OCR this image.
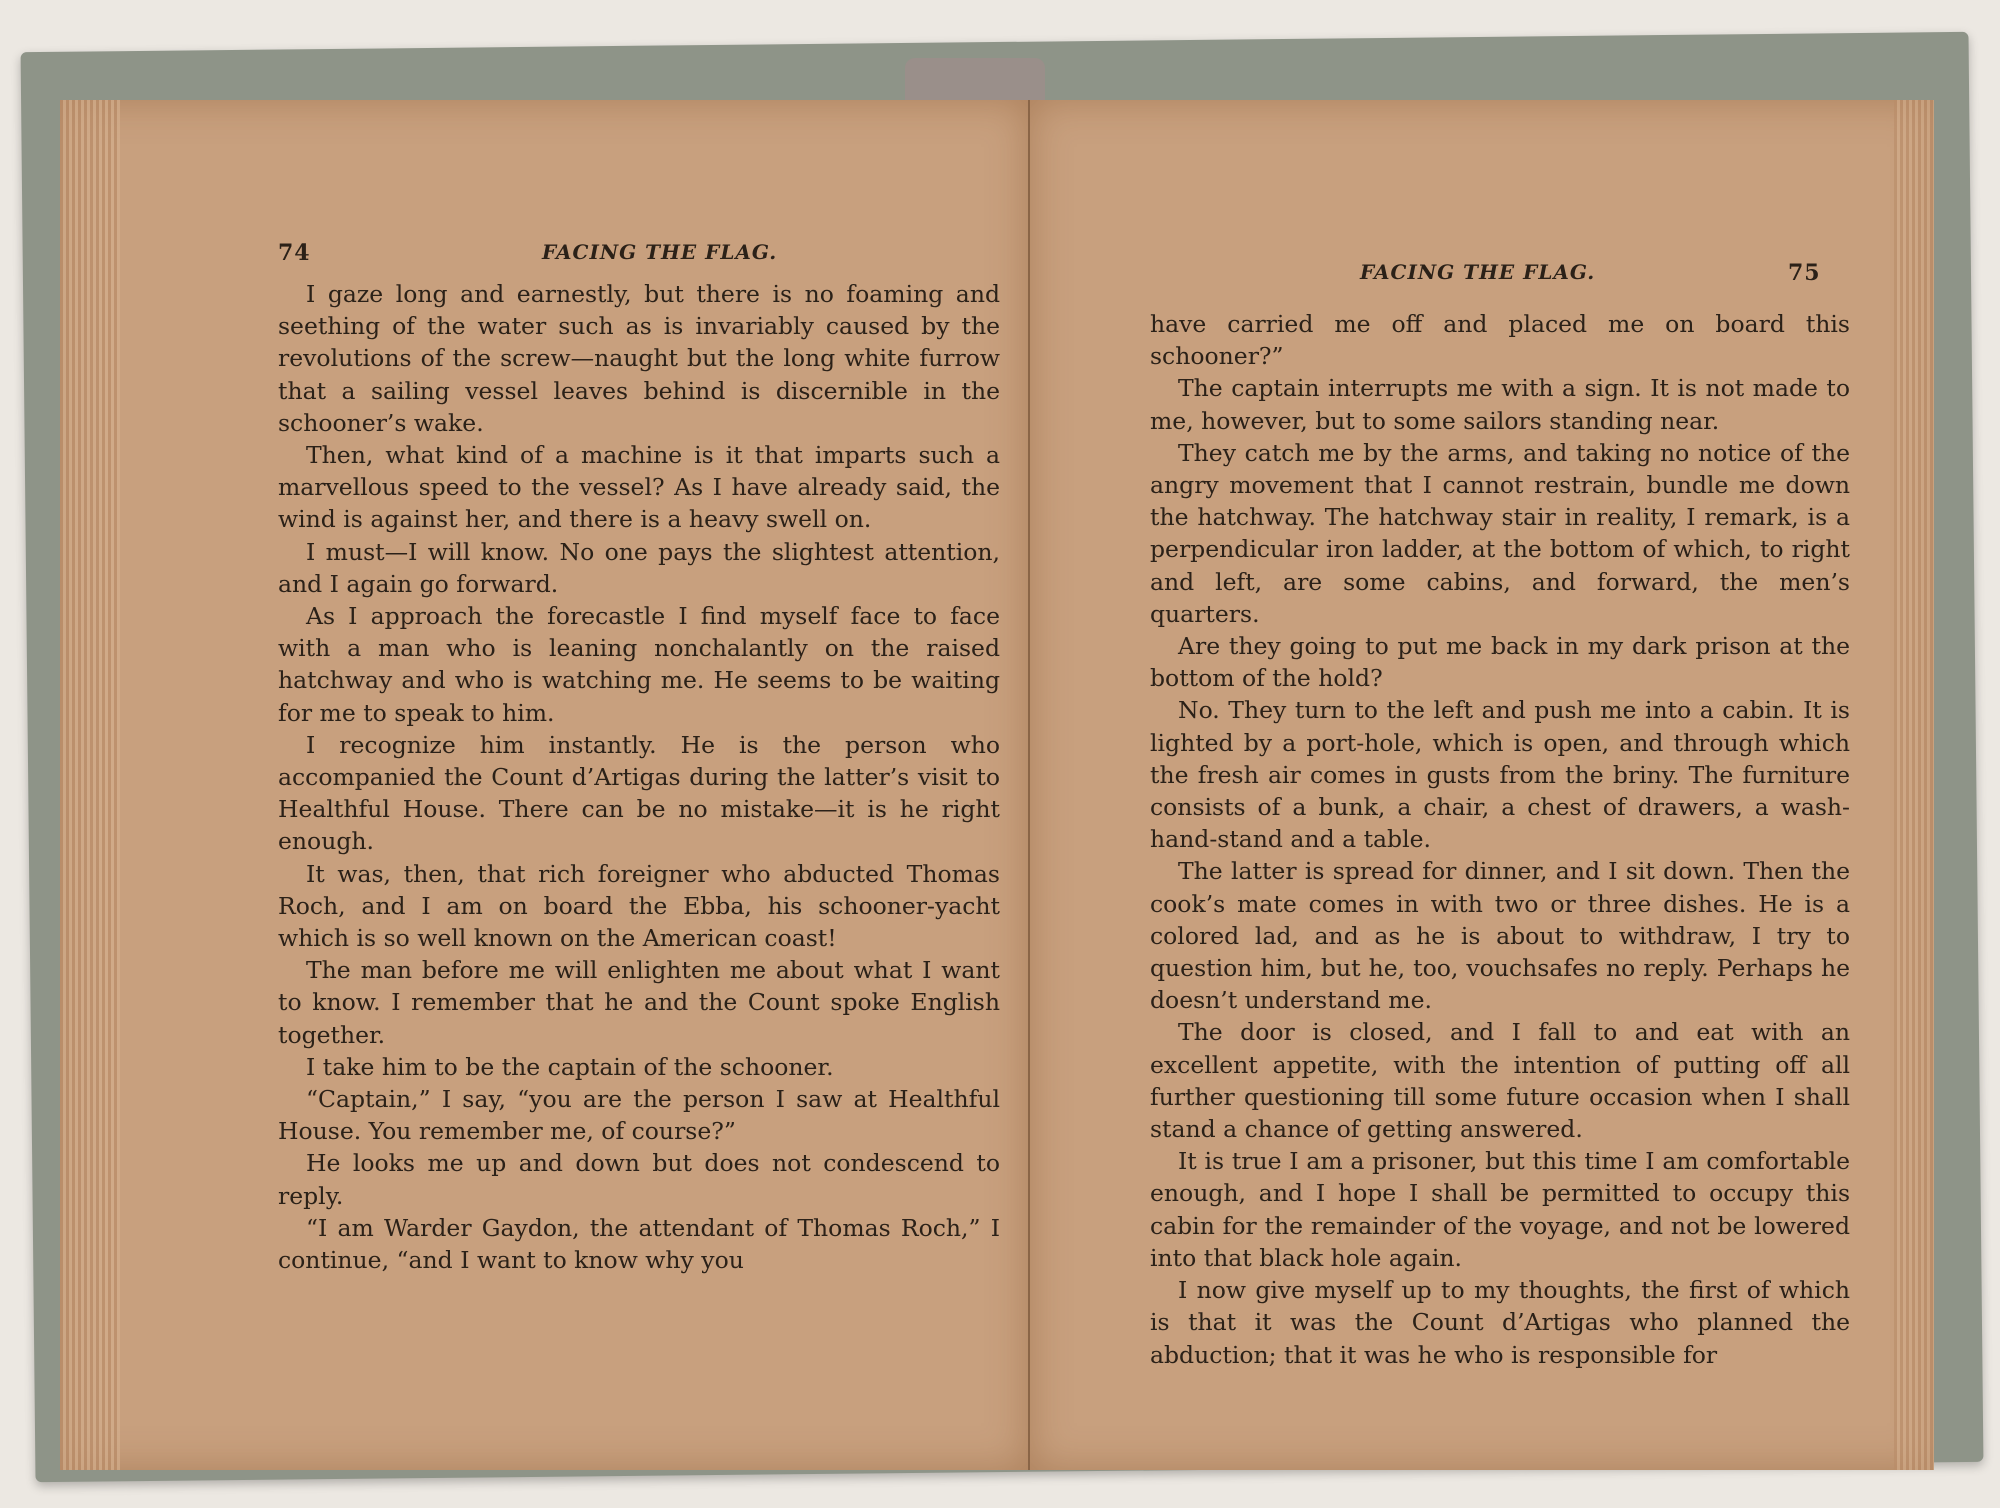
74	FACING THE FLAG.

I gaze long and earnestly, but there is no foaming and seething of the water such as is invariably caused by the revolutions of the screw—naught but the long white furrow that a sailing vessel leaves behind is discernible in the schooner’s wake.

Then, what kind of a machine is it that imparts such a marvellous speed to the vessel? As I have already said, the wind is against her, and there is a heavy swell on.

I must—I will know. No one pays the slightest attention, and I again go forward.

As I approach the forecastle I find myself face to face with a man who is leaning nonchalantly on the raised hatchway and who is watching me. He seems to be waiting for me to speak to him.

I recognize him instantly. He is the person who accompanied the Count d’Artigas during the latter’s visit to Healthful House. There can be no mistake—it is he right enough.

It was, then, that rich foreigner who abducted Thomas Roch, and I am on board the Ebba, his schooner-yacht which is so well known on the American coast!

The man before me will enlighten me about what I want to know. I remember that he and the Count spoke English together.

I take him to be the captain of the schooner.

“Captain,” I say, “you are the person I saw at Healthful House. You remember me, of course?”

He looks me up and down but does not condescend to reply.

“I am Warder Gaydon, the attendant of Thomas Roch,” I continue, “and I want to know why you

FACING THE FLAG.	75

have carried me off and placed me on board this schooner?”

The captain interrupts me with a sign. It is not made to me, however, but to some sailors standing near.

They catch me by the arms, and taking no notice of the angry movement that I cannot restrain, bundle me down the hatchway. The hatchway stair in reality, I remark, is a perpendicular iron ladder, at the bottom of which, to right and left, are some cabins, and forward, the men’s quarters.

Are they going to put me back in my dark prison at the bottom of the hold?

No. They turn to the left and push me into a cabin. It is lighted by a port-hole, which is open, and through which the fresh air comes in gusts from the briny. The furniture consists of a bunk, a chair, a chest of drawers, a wash-hand-stand and a table.

The latter is spread for dinner, and I sit down. Then the cook’s mate comes in with two or three dishes. He is a colored lad, and as he is about to withdraw, I try to question him, but he, too, vouchsafes no reply. Perhaps he doesn’t understand me.

The door is closed, and I fall to and eat with an excellent appetite, with the intention of putting off all further questioning till some future occasion when I shall stand a chance of getting answered.

It is true I am a prisoner, but this time I am comfortable enough, and I hope I shall be permitted to occupy this cabin for the remainder of the voyage, and not be lowered into that black hole again.

I now give myself up to my thoughts, the first of which is that it was the Count d’Artigas who planned the abduction; that it was he who is responsible for
